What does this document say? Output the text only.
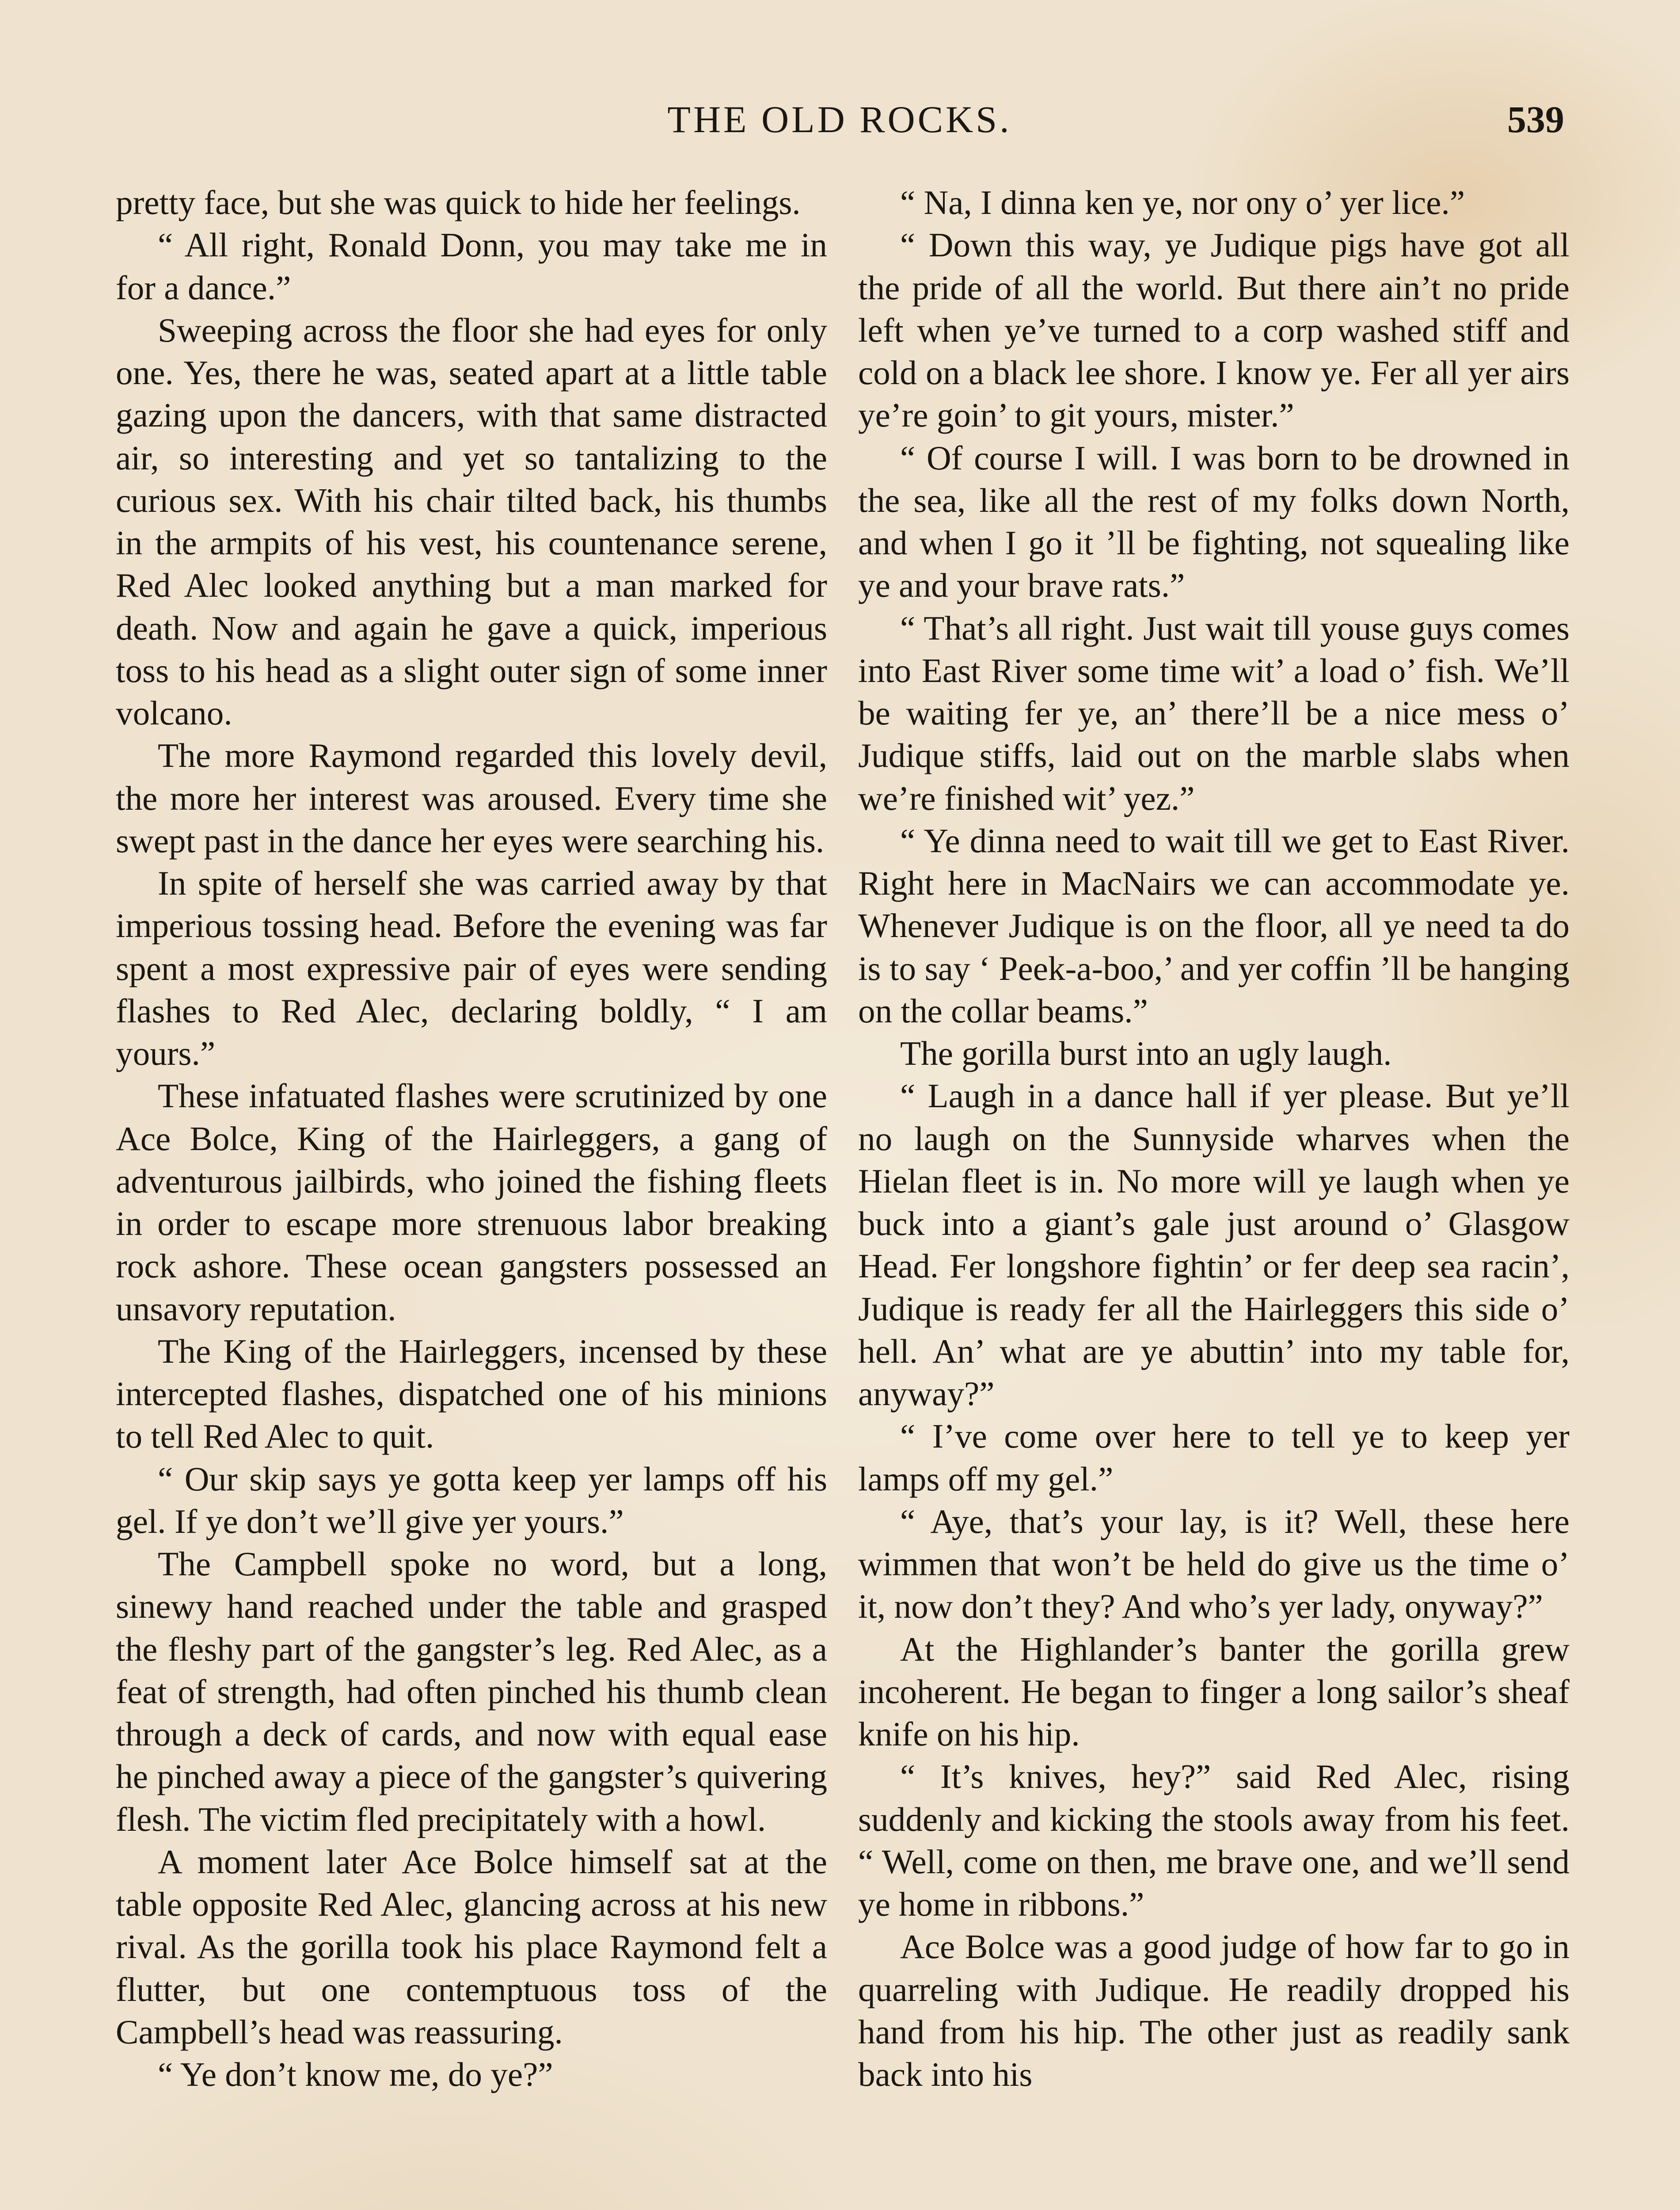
THE OLD ROCKS.	539

pretty face, but she was quick to hide her feelings.

“ All right, Ronald Donn, you may take me in for a dance.”

Sweeping across the floor she had eyes for only one. Yes, there he was, seated apart at a little table gazing upon the dancers, with that same distracted air, so interesting and yet so tantalizing to the curious sex. With his chair tilted back, his thumbs in the armpits of his vest, his countenance serene, Red Alec looked anything but a man marked for death. Now and again he gave a quick, imperious toss to his head as a slight outer sign of some inner volcano.

The more Raymond regarded this lovely devil, the more her interest was aroused. Every time she swept past in the dance her eyes were searching his.

In spite of herself she was carried away by that imperious tossing head. Before the evening was far spent a most expressive pair of eyes were sending flashes to Red Alec, declaring boldly, “ I am yours.”

These infatuated flashes were scrutinized by one Ace Bolce, King of the Hairleggers, a gang of adventurous jailbirds, who joined the fishing fleets in order to escape more strenuous labor breaking rock ashore. These ocean gangsters possessed an unsavory reputation.

The King of the Hairleggers, incensed by these intercepted flashes, dispatched one of his minions to tell Red Alec to quit.

“ Our skip says ye gotta keep yer lamps off his gel. If ye don’t we’ll give yer yours.”

The Campbell spoke no word, but a long, sinewy hand reached under the table and grasped the fleshy part of the gangster’s leg. Red Alec, as a feat of strength, had often pinched his thumb clean through a deck of cards, and now with equal ease he pinched away a piece of the gangster’s quivering flesh. The victim fled precipitately with a howl.

A moment later Ace Bolce himself sat at the table opposite Red Alec, glancing across at his new rival. As the gorilla took his place Raymond felt a flutter, but one contemptuous toss of the Campbell’s head was reassuring.

“ Ye don’t know me, do ye?”

“ Na, I dinna ken ye, nor ony o’ yer lice.”

“ Down this way, ye Judique pigs have got all the pride of all the world. But there ain’t no pride left when ye’ve turned to a corp washed stiff and cold on a black lee shore. I know ye. Fer all yer airs ye’re goin’ to git yours, mister.”

“ Of course I will. I was born to be drowned in the sea, like all the rest of my folks down North, and when I go it ’ll be fighting, not squealing like ye and your brave rats.”

“ That’s all right. Just wait till youse guys comes into East River some time wit’ a load o’ fish. We’ll be waiting fer ye, an’ there’ll be a nice mess o’ Judique stiffs, laid out on the marble slabs when we’re finished wit’ yez.”

“ Ye dinna need to wait till we get to East River. Right here in MacNairs we can accommodate ye. Whenever Judique is on the floor, all ye need ta do is to say ‘ Peek-a-boo,’ and yer coffin ’ll be hanging on the collar beams.”

The gorilla burst into an ugly laugh.

“ Laugh in a dance hall if yer please. But ye’ll no laugh on the Sunnyside wharves when the Hielan fleet is in. No more will ye laugh when ye buck into a giant’s gale just around o’ Glasgow Head. Fer longshore fightin’ or fer deep sea racin’, Judique is ready fer all the Hairleggers this side o’ hell. An’ what are ye abuttin’ into my table for, anyway?”

“ I’ve come over here to tell ye to keep yer lamps off my gel.”

“ Aye, that’s your lay, is it? Well, these here wimmen that won’t be held do give us the time o’ it, now don’t they? And who’s yer lady, onyway?”

At the Highlander’s banter the gorilla grew incoherent. He began to finger a long sailor’s sheaf knife on his hip.

“ It’s knives, hey?” said Red Alec, rising suddenly and kicking the stools away from his feet. “ Well, come on then, me brave one, and we’ll send ye home in ribbons.”

Ace Bolce was a good judge of how far to go in quarreling with Judique. He readily dropped his hand from his hip. The other just as readily sank back into his
